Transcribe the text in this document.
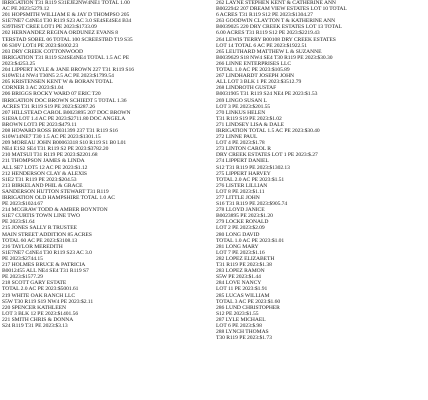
IRRIGATION T31 R119 S31EJE2NW4NE1 TOTAL 1.00
AC PE 2023:5279.12
201 HOPSMITH WILLIAM E & JAY D THOMPSO 205
S1E7NE7 C4NE4 T30 R119 S23 AC 3.0 SE4SE4SE4 B34
S39THST CREE LOT1 PE 2023:$1733.09
202 HERNANDEZ REGINA ORDUNEZ EVANS 8
TERSTAD SOBEL 06 TOTAL 100 SCREESTBD T19 S35
06 S30V LOT4 PE 2023:$1002.23
203 DRY CREEK COTTONWOOD
IRRIGATION T31 R119 S24SE4NE4 TOTAL 1.5 AC PE
2023:$4253.25
204 LIPPERT KYLE & JANE BROWN 227 T31 R119 S16
S10WE14 NW4 T30N5 2.5 AC PE 2023:$1799.54
205 KRISTENSEN KENT W & BORAN TOTAL
CORNER 3 AC 2023:$1.04
206 BRIGGS ROCKY WARD 07 ERIC T20
IRRIGATION DOC BROWN SCHIEDT 5 TOTAL 1.36
ACRES T31 R119 S19 PE 2023:$3287.26
207 HILLSTEAD CAROL B0023895 207 DOC BROWN
S1E8A LOT 1.4 AC PE 2023:$2711.80 DOC ANGELA
BROWN LOT3 PE 2023:$479.11
208 HOWARD ROSS B0031399 237 T31 R119 S16
S10W14NE7 T30 1.5 AC PE 2023:$1301.15
209 MOREAU JOHN B00063318 S10 R119 S1 B0 L01
NE4 E1S2 SE4 T31 R119 S2 PE 2023:$3782.20
210 MATSUI T31 R119 PE 2023:$2201.68
211 THOMPSON JAMES & LINDA
ALL SE7 LOT5 12 AC PE 2023:$1.12
212 HENDERSON CLAY & ALEXIS
S1E2 T31 R119 PE 2023:$204.53
213 BIRKELAND PHIL & GRACE
SANDERSON HUTTON STEWART T31 R119
IRRIGATION OLD HAMPSHIRE TOTAL 1.0 AC
PE 2023:$1024.67
214 MCGRAW TODD & AMBER BOYNTON
S1E7 CURTIS TOWN LINE TWO
PE 2023:$1.64
215 JONES SALLY R TRUSTEE
MAIN STREET ADDITION 85 ACRES
TOTAL 60 AC PE 2023:$3108.13
216 TAYLOR MEREDITH
S1E7NE7 C4NE4 T30 R119 S23 AC 3.0
PE 2023:$2744.15
217 HOLMES BRUCE & PATRICIA
B0012455 ALL NE4 SE4 T31 R119 S7
PE 2023:$1577.29
218 SCOTT GARY ESTATE
TOTAL 2.0 AC PE 2023:$5001.61
219 WHITE OAK RANCH LLC
S5W T30 R119 S19 NW4 PE 2023:$2.11
220 SPENCER KATHLEEN
LOT 3 BLK 12 PE 2023:$1401.56
221 SMITH CHRIS & DONNA
S24 R119 T31 PE 2023:$3.13
262 LAYNE STEPHEN KENT & CATHERINE ANN
B0022942 207 DREAM VIEW ESTATES LOT 10 TOTAL
6 ACRES T31 R119 S12 PE 2023:$1304.27
263 GOODWIN CLAYTON T & KATHERINE ANN
B0039025 220 DRY CREEK ESTATES LOT 13 TOTAL
6.00 ACRES T31 R119 S12 PE 2023:$2219.43
264 LEWIS TERRY B00108 DRY CREEK ESTATES
LOT 14 TOTAL 6 AC PE 2023:$1922.51
265 LEUTHARD MATTHEW L & SUZANNE
B0039629 S18 NW4 SE4 T30 R119 PE 2023:$30.30
266 LINNE ENTERPRISES LLC
TOTAL 1.0 AC PE 2023:$105.89
267 LINDHARDT JOSEPH JOHN
ALL LOT 3 BLK 1 PE 2023:$3512.79
268 LINDROTH GUSTAF
B0031905 T31 R119 S24 NE4 PE 2023:$1.53
269 LINGO SUSAN L
LOT 3 PE 2023:$201.55
270 LINKUS HELEN
T31 R119 S19 PE 2023:$1.02
271 LINDSEY LISA & DALE
IRRIGATION TOTAL 1.5 AC PE 2023:$30.40
272 LINNE PAUL
LOT 4 PE 2023:$1.78
273 LINTON CAROL R
DRY CREEK ESTATES LOT 1 PE 2023:$.27
274 LIPPERT DANIEL
S12 T31 R119 PE 2023:$1302.13
275 LIPPERT HARVEY
TOTAL 2.0 AC PE 2023:$1.51
276 LISTER LILLIAN
LOT 8 PE 2023:$1.11
277 LITTLE JOHN
S16 T31 R119 PE 2023:$905.74
278 LLOYD JANICE
B0023895 PE 2023:$1.20
279 LOCKE RONALD
LOT 2 PE 2023:$2.09
280 LONG DAVID
TOTAL 1.0 AC PE 2023:$1.01
281 LONG MARY
LOT 7 PE 2023:$1.16
282 LOPEZ ELIZABETH
T31 R119 PE 2023:$1.38
283 LOPEZ RAMON
S5W PE 2023:$1.44
284 LOVE NANCY
LOT 11 PE 2023:$1.91
285 LUCAS WILLIAM
TOTAL 3 AC PE 2023:$1.60
286 LUND CHRISTOPHER
S12 PE 2023:$1.55
287 LYLE MICHAEL
LOT 6 PE 2023:$.98
288 LYNCH THOMAS
T30 R119 PE 2023:$1.73
